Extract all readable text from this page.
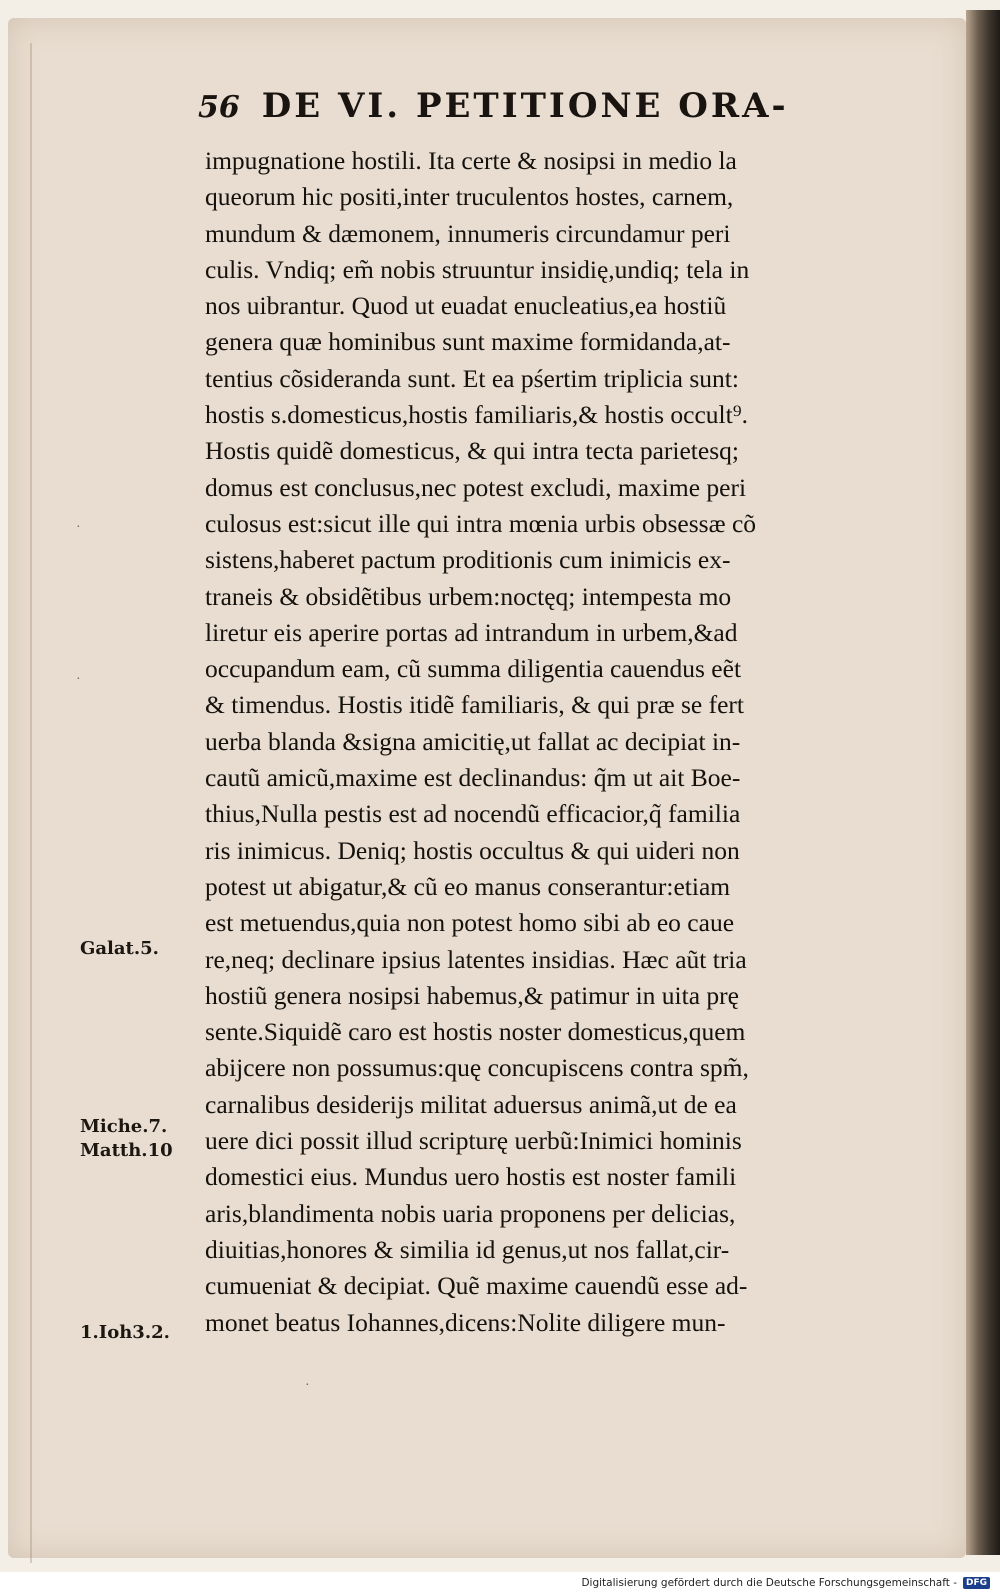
56 DE VI. PETITIONE ORA-
impugnatione hostili. Ita certe & nosipsi in medio la
queorum hic positi,inter truculentos hostes, carnem,
mundum & dæmonem, innumeris circundamur peri
culis. Vndiq; em̃ nobis struuntur insidię,undiq; tela in
nos uibrantur. Quod ut euadat enucleatius,ea hostiũ
genera quæ hominibus sunt maxime formidanda,at-
tentius cõsideranda sunt. Et ea pśertim triplicia sunt:
hostis s.domesticus,hostis familiaris,& hostis occult⁹.
Hostis quidẽ domesticus, & qui intra tecta parietesq;
domus est conclusus,nec potest excludi, maxime peri
culosus est:sicut ille qui intra mœnia urbis obsessæ cõ
sistens,haberet pactum proditionis cum inimicis ex-
traneis & obsidẽtibus urbem:noctęq; intempesta mo
liretur eis aperire portas ad intrandum in urbem,&ad
occupandum eam, cũ summa diligentia cauendus eẽt
& timendus. Hostis itidẽ familiaris, & qui præ se fert
uerba blanda &signa amicitię,ut fallat ac decipiat in-
cautũ amicũ,maxime est declinandus: q̃m ut ait Boe-
thius,Nulla pestis est ad nocendũ efficacior,q̃ familia
ris inimicus. Deniq; hostis occultus & qui uideri non
potest ut abigatur,& cũ eo manus conserantur:etiam
est metuendus,quia non potest homo sibi ab eo caue
re,neq; declinare ipsius latentes insidias. Hæc aũt tria
hostiũ genera nosipsi habemus,& patimur in uita prę
sente.Siquidẽ caro est hostis noster domesticus,quem
abijcere non possumus:quę concupiscens contra spm̃,
carnalibus desiderijs militat aduersus animã,ut de ea
uere dici possit illud scripturę uerbũ:Inimici hominis
domestici eius. Mundus uero hostis est noster famili
aris,blandimenta nobis uaria proponens per delicias,
diuitias,honores & similia id genus,ut nos fallat,cir-
cumueniat & decipiat. Quẽ maxime cauendũ esse ad-
monet beatus Iohannes,dicens:Nolite diligere mun-
Galat.5.
Miche.7.
Matth.10
1.Ioh3.2.
·
·
·
Digitalisierung gefördert durch die Deutsche Forschungsgemeinschaft -	DFG
